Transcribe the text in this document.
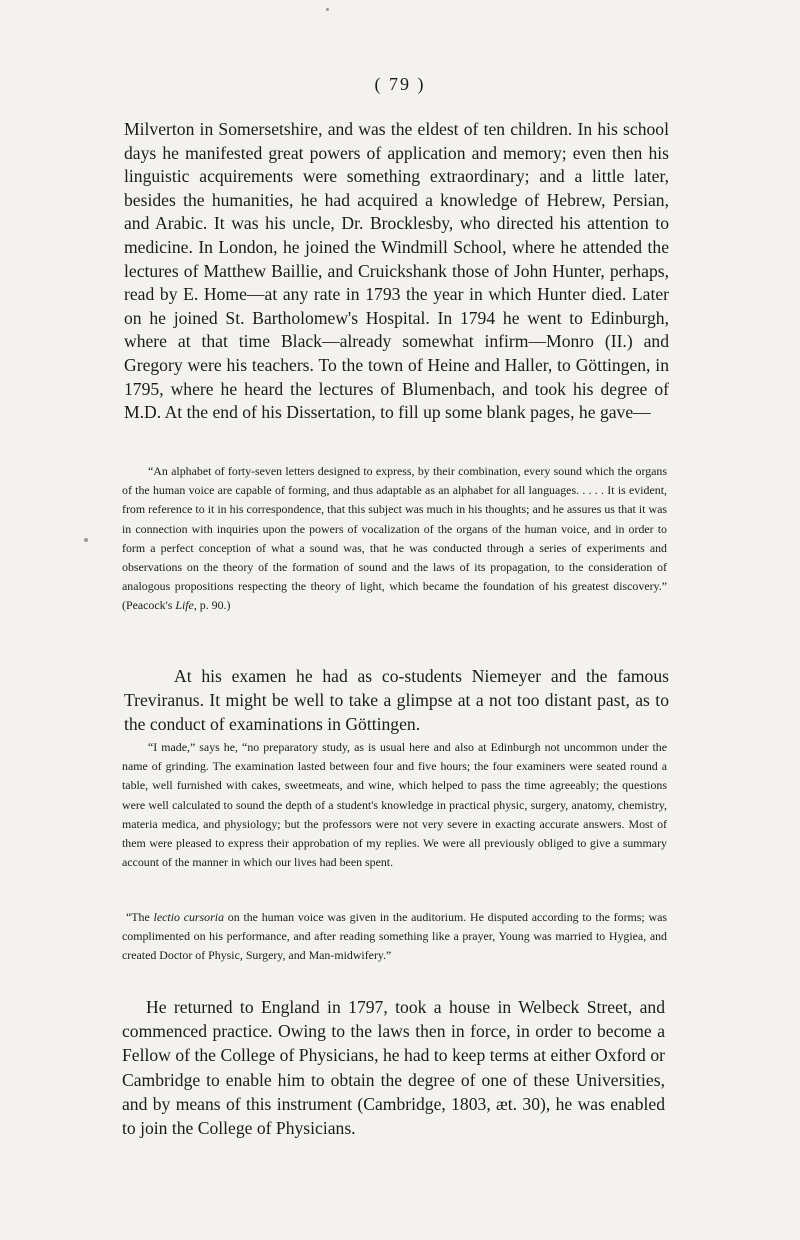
( 79 )

Milverton in Somersetshire, and was the eldest of ten children. In his school days he manifested great powers of application and memory; even then his linguistic acquirements were something extraordinary; and a little later, besides the humanities, he had acquired a knowledge of Hebrew, Persian, and Arabic. It was his uncle, Dr. Brocklesby, who directed his attention to medicine. In London, he joined the Windmill School, where he attended the lectures of Matthew Baillie, and Cruickshank those of John Hunter, perhaps, read by E. Home—at any rate in 1793 the year in which Hunter died. Later on he joined St. Bartholomew's Hospital. In 1794 he went to Edinburgh, where at that time Black—already somewhat infirm—Monro (II.) and Gregory were his teachers. To the town of Heine and Haller, to Göttingen, in 1795, where he heard the lectures of Blumenbach, and took his degree of M.D. At the end of his Dissertation, to fill up some blank pages, he gave—

“An alphabet of forty-seven letters designed to express, by their combination, every sound which the organs of the human voice are capable of forming, and thus adaptable as an alphabet for all languages. . . . . It is evident, from reference to it in his correspondence, that this subject was much in his thoughts; and he assures us that it was in connection with inquiries upon the powers of vocalization of the organs of the human voice, and in order to form a perfect conception of what a sound was, that he was conducted through a series of experiments and observations on the theory of the formation of sound and the laws of its propagation, to the consideration of analogous propositions respecting the theory of light, which became the foundation of his greatest discovery.” (Peacock's Life, p. 90.)

At his examen he had as co-students Niemeyer and the famous Treviranus. It might be well to take a glimpse at a not too distant past, as to the conduct of examinations in Göttingen.

“I made,” says he, “no preparatory study, as is usual here and also at Edinburgh not uncommon under the name of grinding. The examination lasted between four and five hours; the four examiners were seated round a table, well furnished with cakes, sweetmeats, and wine, which helped to pass the time agreeably; the questions were well calculated to sound the depth of a student's knowledge in practical physic, surgery, anatomy, chemistry, materia medica, and physiology; but the professors were not very severe in exacting accurate answers. Most of them were pleased to express their approbation of my replies. We were all previously obliged to give a summary account of the manner in which our lives had been spent.

“The lectio cursoria on the human voice was given in the auditorium. He disputed according to the forms; was complimented on his performance, and after reading something like a prayer, Young was married to Hygiea, and created Doctor of Physic, Surgery, and Man-midwifery.”

He returned to England in 1797, took a house in Welbeck Street, and commenced practice. Owing to the laws then in force, in order to become a Fellow of the College of Physicians, he had to keep terms at either Oxford or Cambridge to enable him to obtain the degree of one of these Universities, and by means of this instrument (Cambridge, 1803, æt. 30), he was enabled to join the College of Physicians.
